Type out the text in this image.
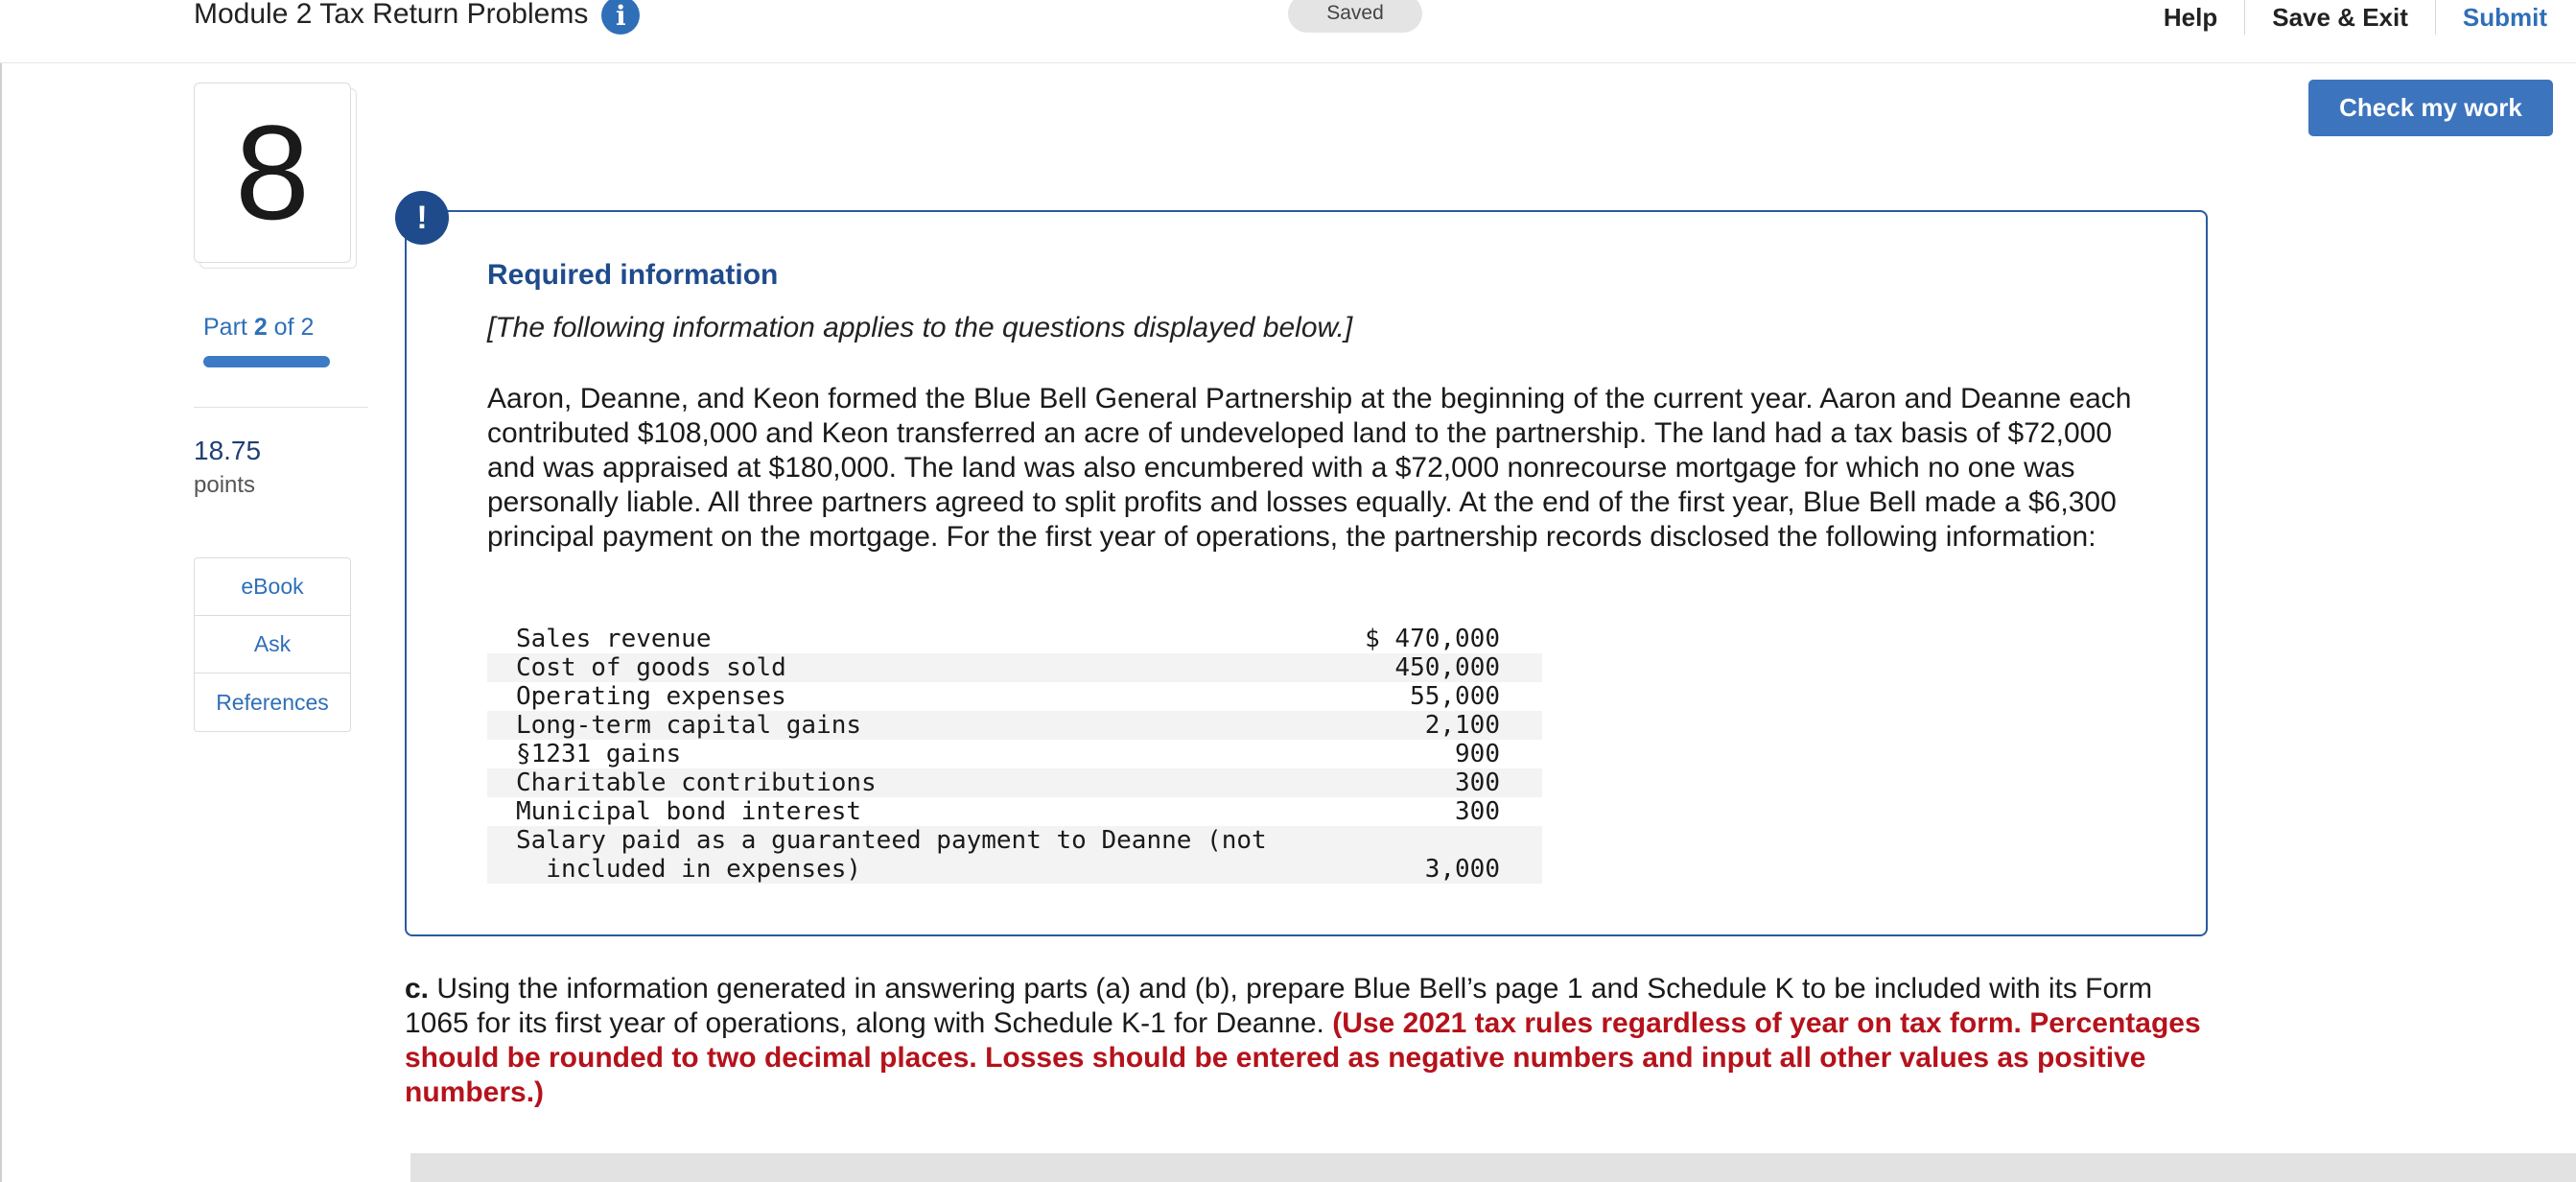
Module 2 Tax Return Problems	i	Saved	Help	Save & Exit	Submit
8
Part 2 of 2
18.75
points
eBook
Ask
References
Check my work
!
Required information
[The following information applies to the questions displayed below.]
Aaron, Deanne, and Keon formed the Blue Bell General Partnership at the beginning of the current year. Aaron and Deanne each contributed $108,000 and Keon transferred an acre of undeveloped land to the partnership. The land had a tax basis of $72,000 and was appraised at $180,000. The land was also encumbered with a $72,000 nonrecourse mortgage for which no one was personally liable. All three partners agreed to split profits and losses equally. At the end of the first year, Blue Bell made a $6,300 principal payment on the mortgage. For the first year of operations, the partnership records disclosed the following information:
Sales revenue	$ 470,000
Cost of goods sold	450,000
Operating expenses	55,000
Long-term capital gains	2,100
§1231 gains	900
Charitable contributions	300
Municipal bond interest	300
Salary paid as a guaranteed payment to Deanne (not
included in expenses)	3,000
c. Using the information generated in answering parts (a) and (b), prepare Blue Bell’s page 1 and Schedule K to be included with its Form 1065 for its first year of operations, along with Schedule K-1 for Deanne. (Use 2021 tax rules regardless of year on tax form. Percentages should be rounded to two decimal places. Losses should be entered as negative numbers and input all other values as positive numbers.)
